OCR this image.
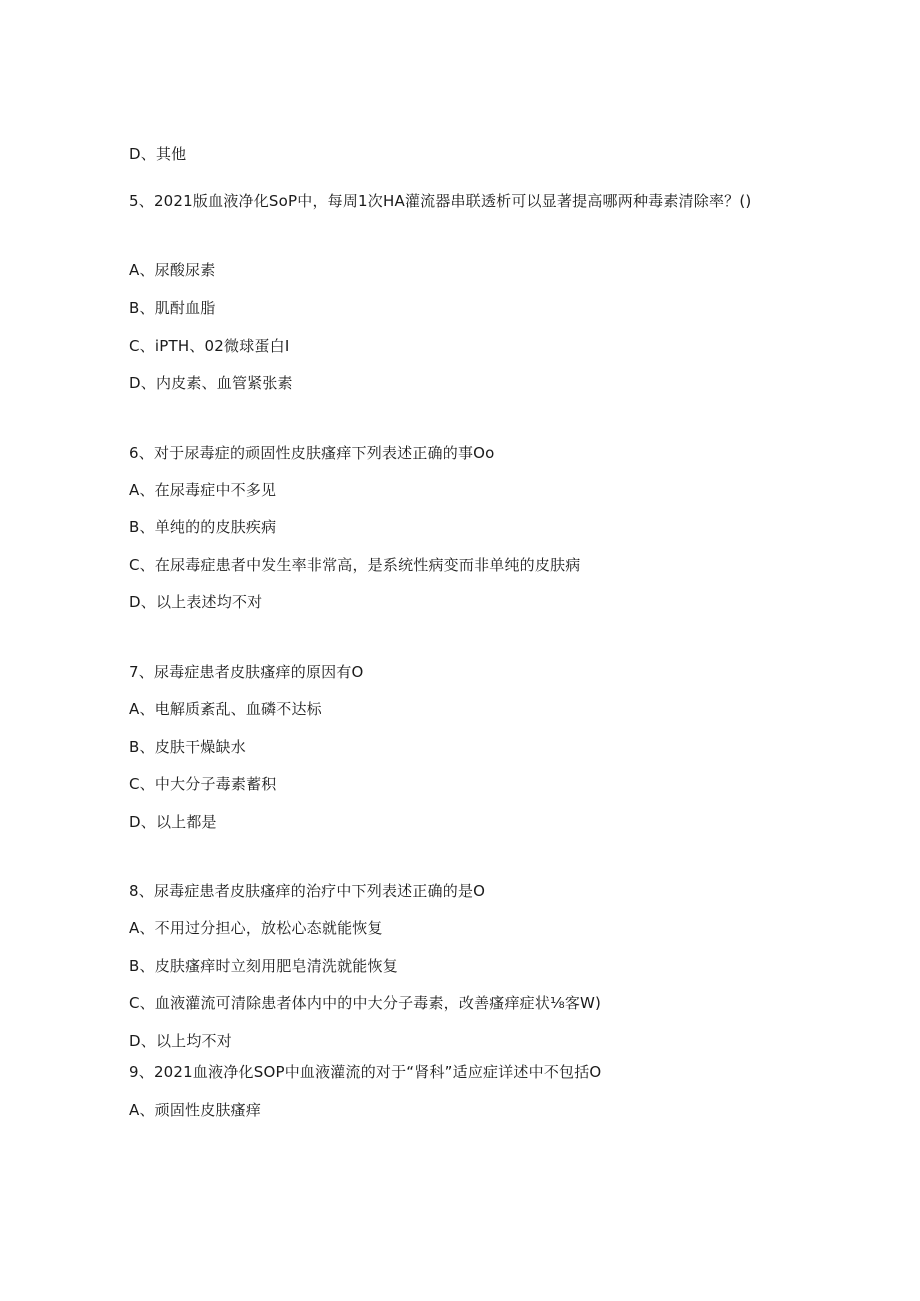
D、其他
5、2021版血液净化SoP中，每周1次HA灌流器串联透析可以显著提高哪两种毒素清除率？()
A、尿酸尿素
B、肌酎血脂
C、iPTH、02微球蛋白I
D、内皮素、血管紧张素
6、对于尿毒症的顽固性皮肤瘙痒下列表述正确的事Oo
A、在尿毒症中不多见
B、单纯的的皮肤疾病
C、在尿毒症患者中发生率非常高，是系统性病变而非单纯的皮肤病
D、以上表述均不对
7、尿毒症患者皮肤瘙痒的原因有O
A、电解质紊乱、血磷不达标
B、皮肤干燥缺水
C、中大分子毒素蓄积
D、以上都是
8、尿毒症患者皮肤瘙痒的治疗中下列表述正确的是O
A、不用过分担心，放松心态就能恢复
B、皮肤瘙痒时立刻用肥皂清洗就能恢复
C、血液灌流可清除患者体内中的中大分子毒素，改善瘙痒症状⅛客W)
D、以上均不对
9、2021血液净化SOP中血液灌流的对于“肾科”适应症详述中不包括O
A、顽固性皮肤瘙痒
